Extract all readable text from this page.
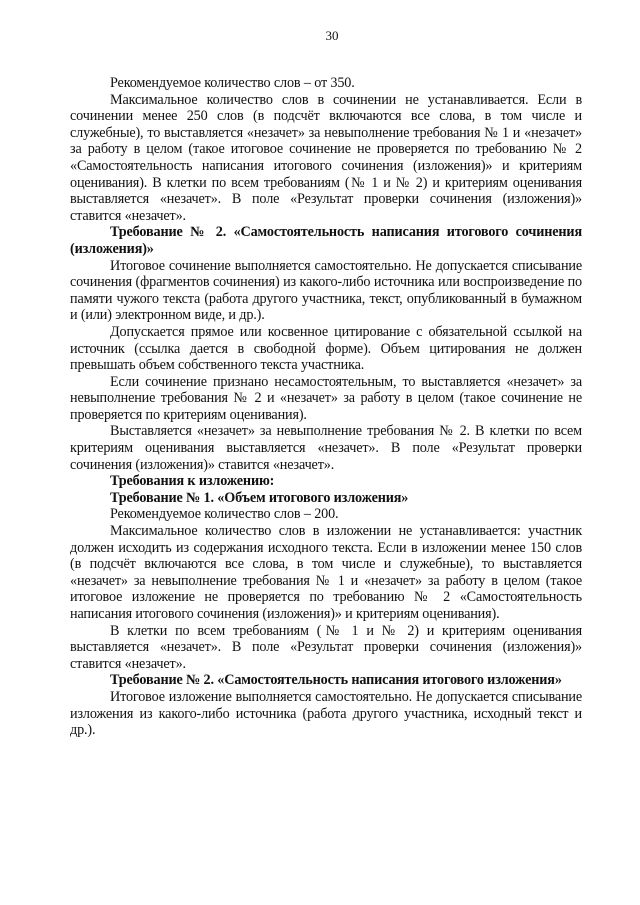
30

Рекомендуемое количество слов – от 350.

Максимальное количество слов в сочинении не устанавливается. Если в сочинении менее 250 слов (в подсчёт включаются все слова, в том числе и служебные), то выставляется «незачет» за невыполнение требования № 1 и «незачет» за работу в целом (такое итоговое сочинение не проверяется по требованию № 2 «Самостоятельность написания итогового сочинения (изложения)» и критериям оценивания). В клетки по всем требованиям (№ 1 и № 2) и критериям оценивания выставляется «незачет». В поле «Результат проверки сочинения (изложения)» ставится «незачет».

Требование № 2. «Самостоятельность написания итогового сочинения (изложения)»

Итоговое сочинение выполняется самостоятельно. Не допускается списывание сочинения (фрагментов сочинения) из какого-либо источника или воспроизведение по памяти чужого текста (работа другого участника, текст, опубликованный в бумажном и (или) электронном виде, и др.).

Допускается прямое или косвенное цитирование с обязательной ссылкой на источник (ссылка дается в свободной форме). Объем цитирования не должен превышать объем собственного текста участника.

Если сочинение признано несамостоятельным, то выставляется «незачет» за невыполнение требования № 2 и «незачет» за работу в целом (такое сочинение не проверяется по критериям оценивания).

Выставляется «незачет» за невыполнение требования № 2. В клетки по всем критериям оценивания выставляется «незачет». В поле «Результат проверки сочинения (изложения)» ставится «незачет».

Требования к изложению:

Требование № 1. «Объем итогового изложения»

Рекомендуемое количество слов – 200.

Максимальное количество слов в изложении не устанавливается: участник должен исходить из содержания исходного текста. Если в изложении менее 150 слов (в подсчёт включаются все слова, в том числе и служебные), то выставляется «незачет» за невыполнение требования № 1 и «незачет» за работу в целом (такое итоговое изложение не проверяется по требованию № 2 «Самостоятельность написания итогового сочинения (изложения)» и критериям оценивания).

В клетки по всем требованиям (№ 1 и № 2) и критериям оценивания выставляется «незачет». В поле «Результат проверки сочинения (изложения)» ставится «незачет».

Требование № 2. «Самостоятельность написания итогового изложения»

Итоговое изложение выполняется самостоятельно. Не допускается списывание изложения из какого-либо источника (работа другого участника, исходный текст и др.).
